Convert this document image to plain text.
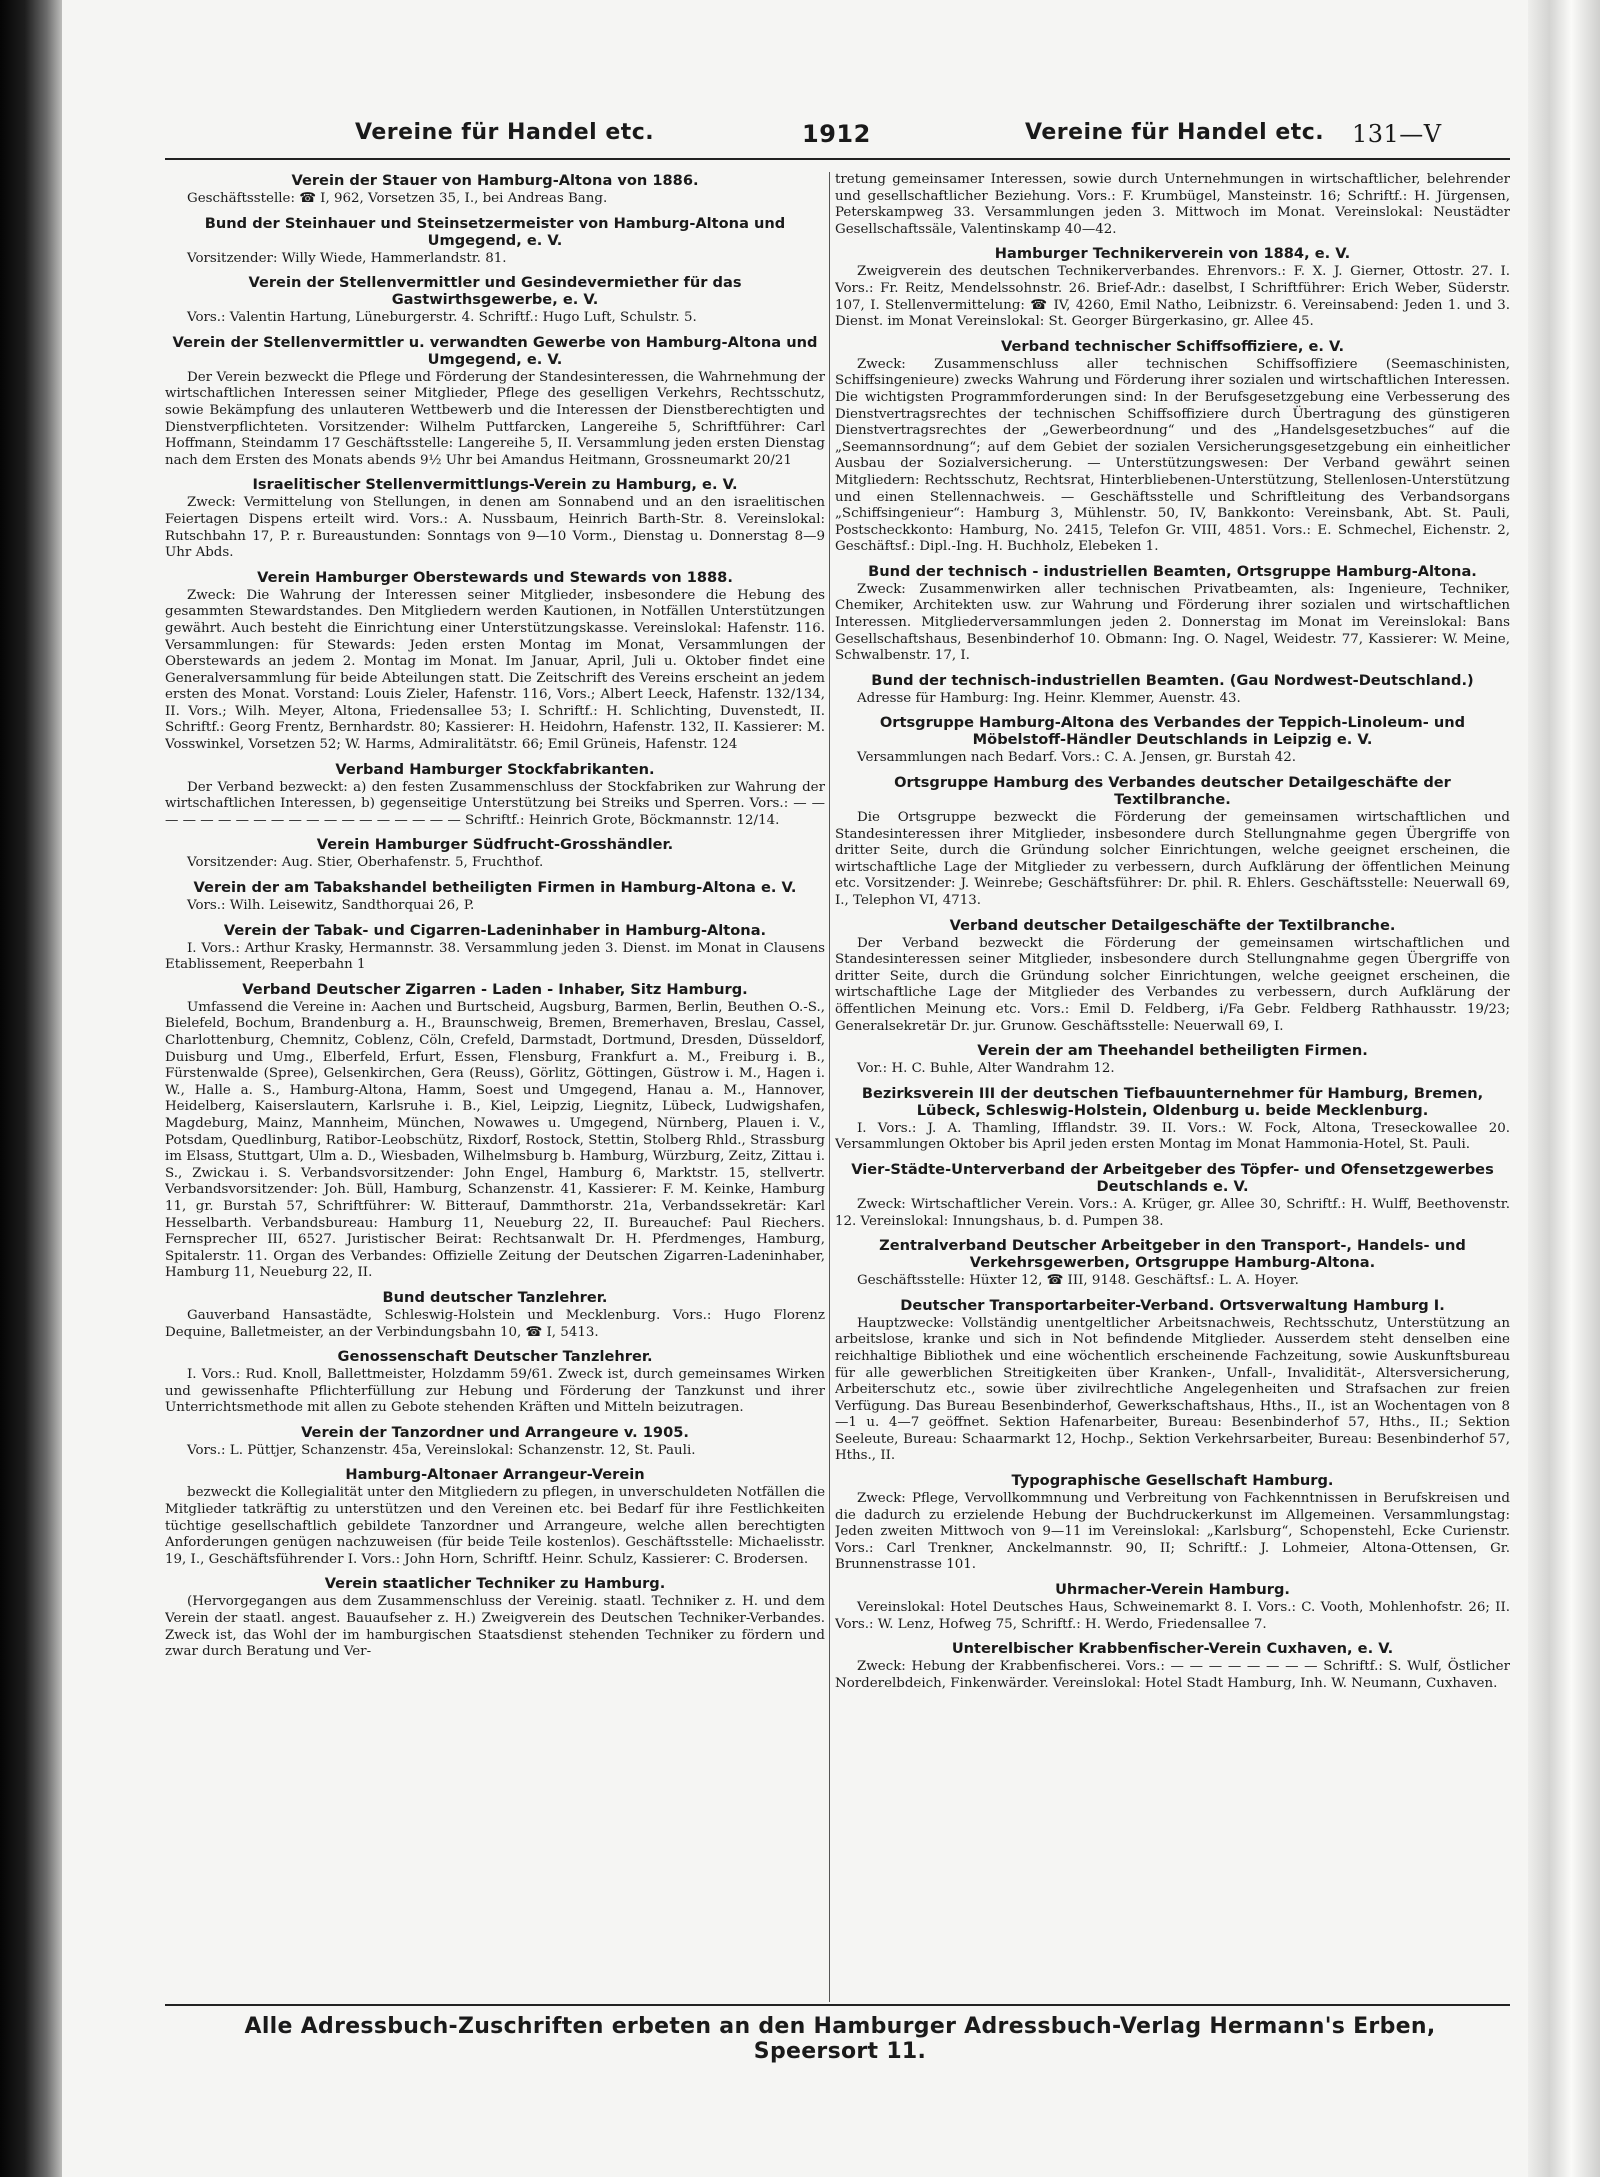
Vereine für Handel etc.	1912	Vereine für Handel etc. 131—V
Verein der Stauer von Hamburg-Altona von 1886.

Geschäftsstelle: ☎ I, 962, Vorsetzen 35, I., bei Andreas Bang.

Bund der Steinhauer und Steinsetzermeister von Hamburg-Altona und Umgegend, e. V.

Vorsitzender: Willy Wiede, Hammerlandstr. 81.

Verein der Stellenvermittler und Gesindevermiether für das Gastwirthsgewerbe, e. V.

Vors.: Valentin Hartung, Lüneburgerstr. 4. Schriftf.: Hugo Luft, Schulstr. 5.

Verein der Stellenvermittler u. verwandten Gewerbe von Hamburg-Altona und Umgegend, e. V.

Der Verein bezweckt die Pflege und Förderung der Standesinteressen, die Wahrnehmung der wirtschaftlichen Interessen seiner Mitglieder, Pflege des geselligen Verkehrs, Rechtsschutz, sowie Bekämpfung des unlauteren Wettbewerb und die Interessen der Dienstberechtigten und Dienstverpflichteten. Vorsitzender: Wilhelm Puttfarcken, Langereihe 5, Schriftführer: Carl Hoffmann, Steindamm 17 Geschäftsstelle: Langereihe 5, II. Versammlung jeden ersten Dienstag nach dem Ersten des Monats abends 9½ Uhr bei Amandus Heitmann, Grossneumarkt 20/21

Israelitischer Stellenvermittlungs-Verein zu Hamburg, e. V.

Zweck: Vermittelung von Stellungen, in denen am Sonnabend und an den israelitischen Feiertagen Dispens erteilt wird. Vors.: A. Nussbaum, Heinrich Barth-Str. 8. Vereinslokal: Rutschbahn 17, P. r. Bureaustunden: Sonntags von 9—10 Vorm., Dienstag u. Donnerstag 8—9 Uhr Abds.

Verein Hamburger Oberstewards und Stewards von 1888.

Zweck: Die Wahrung der Interessen seiner Mitglieder, insbesondere die Hebung des gesammten Stewardstandes. Den Mitgliedern werden Kautionen, in Notfällen Unterstützungen gewährt. Auch besteht die Einrichtung einer Unterstützungskasse. Vereinslokal: Hafenstr. 116. Versammlungen: für Stewards: Jeden ersten Montag im Monat, Versammlungen der Oberstewards an jedem 2. Montag im Monat. Im Januar, April, Juli u. Oktober findet eine Generalversammlung für beide Abteilungen statt. Die Zeitschrift des Vereins erscheint an jedem ersten des Monat. Vorstand: Louis Zieler, Hafenstr. 116, Vors.; Albert Leeck, Hafenstr. 132/134, II. Vors.; Wilh. Meyer, Altona, Friedensallee 53; I. Schriftf.: H. Schlichting, Duvenstedt, II. Schriftf.: Georg Frentz, Bernhardstr. 80; Kassierer: H. Heidohrn, Hafenstr. 132, II. Kassierer: M. Vosswinkel, Vorsetzen 52; W. Harms, Admiralitätstr. 66; Emil Grüneis, Hafenstr. 124

Verband Hamburger Stockfabrikanten.

Der Verband bezweckt: a) den festen Zusammenschluss der Stockfabriken zur Wahrung der wirtschaftlichen Interessen, b) gegenseitige Unterstützung bei Streiks und Sperren. Vors.: — — — — — — — — — — — — — — — — — — — Schriftf.: Heinrich Grote, Böckmannstr. 12/14.

Verein Hamburger Südfrucht-Grosshändler.

Vorsitzender: Aug. Stier, Oberhafenstr. 5, Fruchthof.

Verein der am Tabakshandel betheiligten Firmen in Hamburg-Altona e. V.

Vors.: Wilh. Leisewitz, Sandthorquai 26, P.

Verein der Tabak- und Cigarren-Ladeninhaber in Hamburg-Altona.

I. Vors.: Arthur Krasky, Hermannstr. 38. Versammlung jeden 3. Dienst. im Monat in Clausens Etablissement, Reeperbahn 1

Verband Deutscher Zigarren - Laden - Inhaber, Sitz Hamburg.

Umfassend die Vereine in: Aachen und Burtscheid, Augsburg, Barmen, Berlin, Beuthen O.-S., Bielefeld, Bochum, Brandenburg a. H., Braunschweig, Bremen, Bremerhaven, Breslau, Cassel, Charlottenburg, Chemnitz, Coblenz, Cöln, Crefeld, Darmstadt, Dortmund, Dresden, Düsseldorf, Duisburg und Umg., Elberfeld, Erfurt, Essen, Flensburg, Frankfurt a. M., Freiburg i. B., Fürstenwalde (Spree), Gelsenkirchen, Gera (Reuss), Görlitz, Göttingen, Güstrow i. M., Hagen i. W., Halle a. S., Hamburg-Altona, Hamm, Soest und Umgegend, Hanau a. M., Hannover, Heidelberg, Kaiserslautern, Karlsruhe i. B., Kiel, Leipzig, Liegnitz, Lübeck, Ludwigshafen, Magdeburg, Mainz, Mannheim, München, Nowawes u. Umgegend, Nürnberg, Plauen i. V., Potsdam, Quedlinburg, Ratibor-Leobschütz, Rixdorf, Rostock, Stettin, Stolberg Rhld., Strassburg im Elsass, Stuttgart, Ulm a. D., Wiesbaden, Wilhelmsburg b. Hamburg, Würzburg, Zeitz, Zittau i. S., Zwickau i. S. Verbandsvorsitzender: John Engel, Hamburg 6, Marktstr. 15, stellvertr. Verbandsvorsitzender: Joh. Büll, Hamburg, Schanzenstr. 41, Kassierer: F. M. Keinke, Hamburg 11, gr. Burstah 57, Schriftführer: W. Bitterauf, Dammthorstr. 21a, Verbandssekretär: Karl Hesselbarth. Verbandsbureau: Hamburg 11, Neueburg 22, II. Bureauchef: Paul Riechers. Fernsprecher III, 6527. Juristischer Beirat: Rechtsanwalt Dr. H. Pferdmenges, Hamburg, Spitalerstr. 11. Organ des Verbandes: Offizielle Zeitung der Deutschen Zigarren-Ladeninhaber, Hamburg 11, Neueburg 22, II.

Bund deutscher Tanzlehrer.

Gauverband Hansastädte, Schleswig-Holstein und Mecklenburg. Vors.: Hugo Florenz Dequine, Balletmeister, an der Verbindungsbahn 10, ☎ I, 5413.

Genossenschaft Deutscher Tanzlehrer.

I. Vors.: Rud. Knoll, Ballettmeister, Holzdamm 59/61. Zweck ist, durch gemeinsames Wirken und gewissenhafte Pflichterfüllung zur Hebung und Förderung der Tanzkunst und ihrer Unterrichtsmethode mit allen zu Gebote stehenden Kräften und Mitteln beizutragen.

Verein der Tanzordner und Arrangeure v. 1905.

Vors.: L. Püttjer, Schanzenstr. 45a, Vereinslokal: Schanzenstr. 12, St. Pauli.

Hamburg-Altonaer Arrangeur-Verein

bezweckt die Kollegialität unter den Mitgliedern zu pflegen, in unverschuldeten Notfällen die Mitglieder tatkräftig zu unterstützen und den Vereinen etc. bei Bedarf für ihre Festlichkeiten tüchtige gesellschaftlich gebildete Tanzordner und Arrangeure, welche allen berechtigten Anforderungen genügen nachzuweisen (für beide Teile kostenlos). Geschäftsstelle: Michaelisstr. 19, I., Geschäftsführender I. Vors.: John Horn, Schriftf. Heinr. Schulz, Kassierer: C. Brodersen.

Verein staatlicher Techniker zu Hamburg.

(Hervorgegangen aus dem Zusammenschluss der Vereinig. staatl. Techniker z. H. und dem Verein der staatl. angest. Bauaufseher z. H.) Zweigverein des Deutschen Techniker-Verbandes. Zweck ist, das Wohl der im hamburgischen Staatsdienst stehenden Techniker zu fördern und zwar durch Beratung und Ver-

tretung gemeinsamer Interessen, sowie durch Unternehmungen in wirtschaftlicher, belehrender und gesellschaftlicher Beziehung. Vors.: F. Krumbügel, Mansteinstr. 16; Schriftf.: H. Jürgensen, Peterskampweg 33. Versammlungen jeden 3. Mittwoch im Monat. Vereinslokal: Neustädter Gesellschaftssäle, Valentinskamp 40—42.

Hamburger Technikerverein von 1884, e. V.

Zweigverein des deutschen Technikerverbandes. Ehrenvors.: F. X. J. Gierner, Ottostr. 27. I. Vors.: Fr. Reitz, Mendelssohnstr. 26. Brief-Adr.: daselbst, I Schriftführer: Erich Weber, Süderstr. 107, I. Stellenvermittelung: ☎ IV, 4260, Emil Natho, Leibnizstr. 6. Vereinsabend: Jeden 1. und 3. Dienst. im Monat Vereinslokal: St. Georger Bürgerkasino, gr. Allee 45.

Verband technischer Schiffsoffiziere, e. V.

Zweck: Zusammenschluss aller technischen Schiffsoffiziere (Seemaschinisten, Schiffsingenieure) zwecks Wahrung und Förderung ihrer sozialen und wirtschaftlichen Interessen. Die wichtigsten Programmforderungen sind: In der Berufsgesetzgebung eine Verbesserung des Dienstvertragsrechtes der technischen Schiffsoffiziere durch Übertragung des günstigeren Dienstvertragsrechtes der „Gewerbeordnung“ und des „Handelsgesetzbuches“ auf die „Seemannsordnung“; auf dem Gebiet der sozialen Versicherungsgesetzgebung ein einheitlicher Ausbau der Sozialversicherung. — Unterstützungswesen: Der Verband gewährt seinen Mitgliedern: Rechtsschutz, Rechtsrat, Hinterbliebenen-Unterstützung, Stellenlosen-Unterstützung und einen Stellennachweis. — Geschäftsstelle und Schriftleitung des Verbandsorgans „Schiffsingenieur“: Hamburg 3, Mühlenstr. 50, IV, Bankkonto: Vereinsbank, Abt. St. Pauli, Postscheckkonto: Hamburg, No. 2415, Telefon Gr. VIII, 4851. Vors.: E. Schmechel, Eichenstr. 2, Geschäftsf.: Dipl.-Ing. H. Buchholz, Elebeken 1.

Bund der technisch - industriellen Beamten, Ortsgruppe Hamburg-Altona.

Zweck: Zusammenwirken aller technischen Privatbeamten, als: Ingenieure, Techniker, Chemiker, Architekten usw. zur Wahrung und Förderung ihrer sozialen und wirtschaftlichen Interessen. Mitgliederversammlungen jeden 2. Donnerstag im Monat im Vereinslokal: Bans Gesellschaftshaus, Besenbinderhof 10. Obmann: Ing. O. Nagel, Weidestr. 77, Kassierer: W. Meine, Schwalbenstr. 17, I.

Bund der technisch-industriellen Beamten. (Gau Nordwest-Deutschland.)

Adresse für Hamburg: Ing. Heinr. Klemmer, Auenstr. 43.

Ortsgruppe Hamburg-Altona des Verbandes der Teppich-Linoleum- und Möbelstoff-Händler Deutschlands in Leipzig e. V.

Versammlungen nach Bedarf. Vors.: C. A. Jensen, gr. Burstah 42.

Ortsgruppe Hamburg des Verbandes deutscher Detailgeschäfte der Textilbranche.

Die Ortsgruppe bezweckt die Förderung der gemeinsamen wirtschaftlichen und Standesinteressen ihrer Mitglieder, insbesondere durch Stellungnahme gegen Übergriffe von dritter Seite, durch die Gründung solcher Einrichtungen, welche geeignet erscheinen, die wirtschaftliche Lage der Mitglieder zu verbessern, durch Aufklärung der öffentlichen Meinung etc. Vorsitzender: J. Weinrebe; Geschäftsführer: Dr. phil. R. Ehlers. Geschäftsstelle: Neuerwall 69, I., Telephon VI, 4713.

Verband deutscher Detailgeschäfte der Textilbranche.

Der Verband bezweckt die Förderung der gemeinsamen wirtschaftlichen und Standesinteressen seiner Mitglieder, insbesondere durch Stellungnahme gegen Übergriffe von dritter Seite, durch die Gründung solcher Einrichtungen, welche geeignet erscheinen, die wirtschaftliche Lage der Mitglieder des Verbandes zu verbessern, durch Aufklärung der öffentlichen Meinung etc. Vors.: Emil D. Feldberg, i/Fa Gebr. Feldberg Rathhausstr. 19/23; Generalsekretär Dr. jur. Grunow. Geschäftsstelle: Neuerwall 69, I.

Verein der am Theehandel betheiligten Firmen.

Vor.: H. C. Buhle, Alter Wandrahm 12.

Bezirksverein III der deutschen Tiefbauunternehmer für Hamburg, Bremen, Lübeck, Schleswig-Holstein, Oldenburg u. beide Mecklenburg.

I. Vors.: J. A. Thamling, Ifflandstr. 39. II. Vors.: W. Fock, Altona, Treseckowallee 20. Versammlungen Oktober bis April jeden ersten Montag im Monat Hammonia-Hotel, St. Pauli.

Vier-Städte-Unterverband der Arbeitgeber des Töpfer- und Ofensetzgewerbes Deutschlands e. V.

Zweck: Wirtschaftlicher Verein. Vors.: A. Krüger, gr. Allee 30, Schriftf.: H. Wulff, Beethovenstr. 12. Vereinslokal: Innungshaus, b. d. Pumpen 38.

Zentralverband Deutscher Arbeitgeber in den Transport-, Handels- und Verkehrsgewerben, Ortsgruppe Hamburg-Altona.

Geschäftsstelle: Hüxter 12, ☎ III, 9148. Geschäftsf.: L. A. Hoyer.

Deutscher Transportarbeiter-Verband. Ortsverwaltung Hamburg I.

Hauptzwecke: Vollständig unentgeltlicher Arbeitsnachweis, Rechtsschutz, Unterstützung an arbeitslose, kranke und sich in Not befindende Mitglieder. Ausserdem steht denselben eine reichhaltige Bibliothek und eine wöchentlich erscheinende Fachzeitung, sowie Auskunftsbureau für alle gewerblichen Streitigkeiten über Kranken-, Unfall-, Invalidität-, Altersversicherung, Arbeiterschutz etc., sowie über zivilrechtliche Angelegenheiten und Strafsachen zur freien Verfügung. Das Bureau Besenbinderhof, Gewerkschaftshaus, Hths., II., ist an Wochentagen von 8—1 u. 4—7 geöffnet. Sektion Hafenarbeiter, Bureau: Besenbinderhof 57, Hths., II.; Sektion Seeleute, Bureau: Schaarmarkt 12, Hochp., Sektion Verkehrsarbeiter, Bureau: Besenbinderhof 57, Hths., II.

Typographische Gesellschaft Hamburg.

Zweck: Pflege, Vervollkommnung und Verbreitung von Fachkenntnissen in Berufskreisen und die dadurch zu erzielende Hebung der Buchdruckerkunst im Allgemeinen. Versammlungstag: Jeden zweiten Mittwoch von 9—11 im Vereinslokal: „Karlsburg“, Schopenstehl, Ecke Curienstr. Vors.: Carl Trenkner, Anckelmannstr. 90, II; Schriftf.: J. Lohmeier, Altona-Ottensen, Gr. Brunnenstrasse 101.

Uhrmacher-Verein Hamburg.

Vereinslokal: Hotel Deutsches Haus, Schweinemarkt 8. I. Vors.: C. Vooth, Mohlenhofstr. 26; II. Vors.: W. Lenz, Hofweg 75, Schriftf.: H. Werdo, Friedensallee 7.

Unterelbischer Krabbenfischer-Verein Cuxhaven, e. V.

Zweck: Hebung der Krabbenfischerei. Vors.: — — — — — — — — Schriftf.: S. Wulf, Östlicher Norderelbdeich, Finkenwärder. Vereinslokal: Hotel Stadt Hamburg, Inh. W. Neumann, Cuxhaven.

Alle Adressbuch-Zuschriften erbeten an den Hamburger Adressbuch-Verlag Hermann's Erben, Speersort 11.
